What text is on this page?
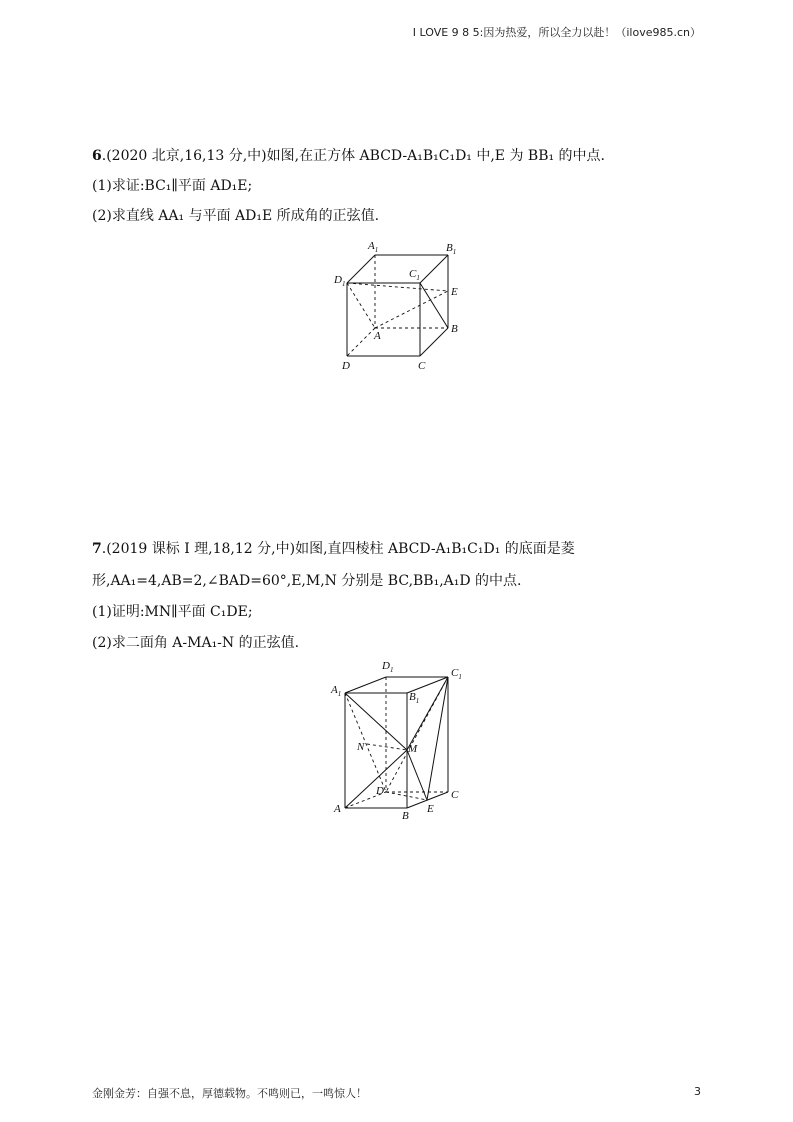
I LOVE 9 8 5:因为热爱，所以全力以赴！（ilove985.cn）
6.(2020 北京,16,13 分,中)如图,在正方体 ABCD-A₁B₁C₁D₁ 中,E 为 BB₁ 的中点.
(1)求证:BC₁∥平面 AD₁E;
(2)求直线 AA₁ 与平面 AD₁E 所成角的正弦值.
$A_1$	$B_1$
$C_1$
$D_1$
E
A
B
C
D
7.(2019 课标 I 理,18,12 分,中)如图,直四棱柱 ABCD-A₁B₁C₁D₁ 的底面是菱
形,AA₁=4,AB=2,∠BAD=60°,E,M,N 分别是 BC,BB₁,A₁D 的中点.
(1)证明:MN∥平面 C₁DE;
(2)求二面角 A-MA₁-N 的正弦值.
$D_1$	$C_1$
$A_1$	$B_1$
N	M
D	C
E
A
B
金刚金芳：自强不息，厚德载物。不鸣则已，一鸣惊人！	3
